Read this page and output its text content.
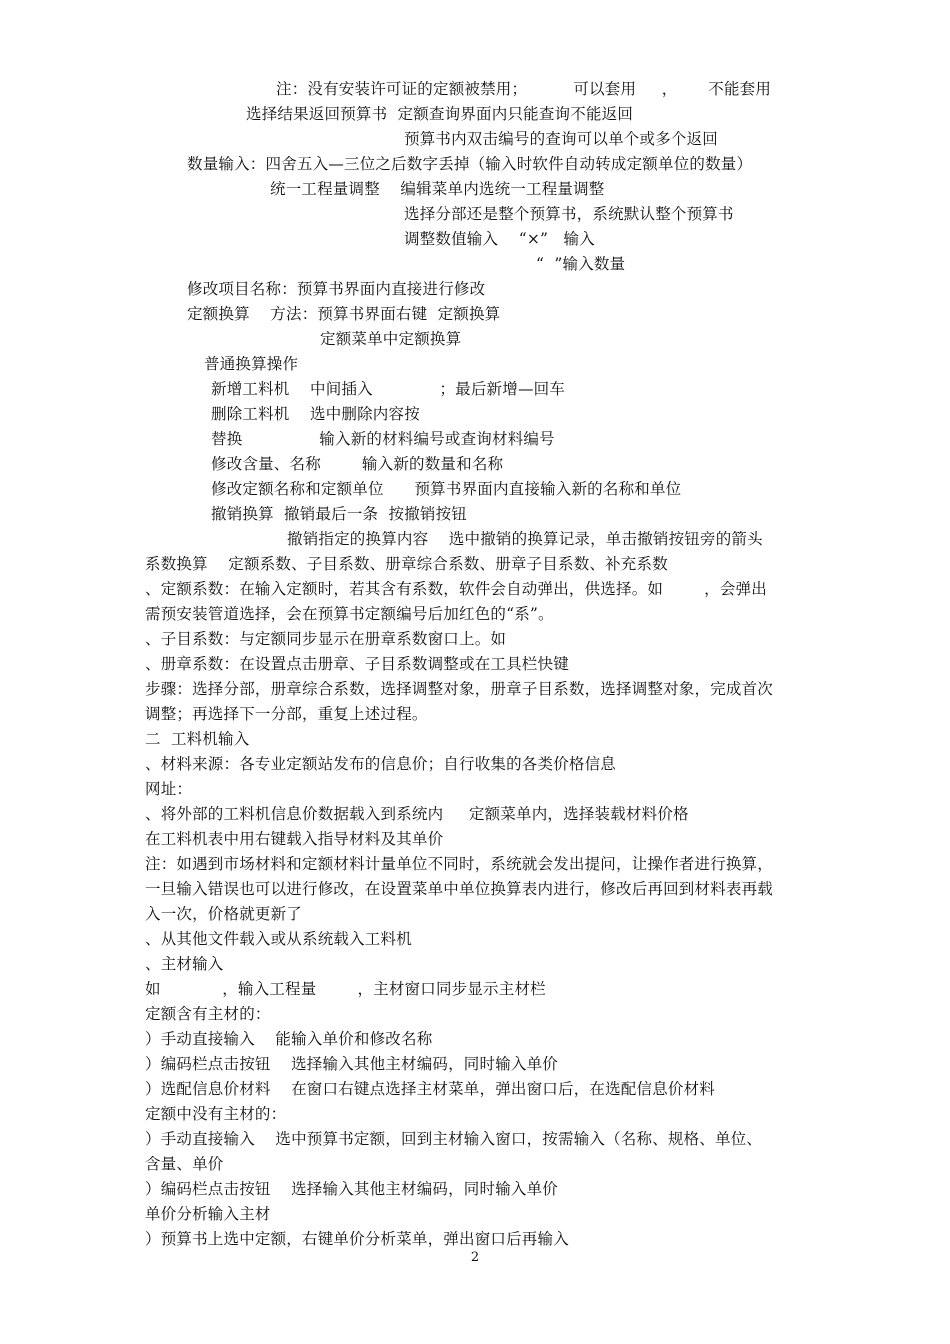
注：没有安装许可证的定额被禁用；         可以套用     ，      不能套用
选择结果返回预算书  定额查询界面内只能查询不能返回
预算书内双击编号的查询可以单个或多个返回
数量输入：四舍五入—三位之后数字丢掉（输入时软件自动转成定额单位的数量）
统一工程量调整    编辑菜单内选统一工程量调整
选择分部还是整个预算书，系统默认整个预算书
调整数值输入    “×”   输入
“  ”输入数量
修改项目名称：预算书界面内直接进行修改
定额换算    方法：预算书界面右键  定额换算
定额菜单中定额换算
普通换算操作
新增工料机    中间插入             ；最后新增—回车
删除工料机    选中删除内容按
替换               输入新的材料编号或查询材料编号
修改含量、名称        输入新的数量和名称
修改定额名称和定额单位      预算书界面内直接输入新的名称和单位
撤销换算  撤销最后一条  按撤销按钮
撤销指定的换算内容    选中撤销的换算记录，单击撤销按钮旁的箭头
系数换算    定额系数、子目系数、册章综合系数、册章子目系数、补充系数
、定额系数：在输入定额时，若其含有系数，软件会自动弹出，供选择。如        ，会弹出
需预安装管道选择，会在预算书定额编号后加红色的“系”。
、子目系数：与定额同步显示在册章系数窗口上。如
、册章系数：在设置点击册章、子目系数调整或在工具栏快键
步骤：选择分部，册章综合系数，选择调整对象，册章子目系数，选择调整对象，完成首次
调整；再选择下一分部，重复上述过程。
二  工料机输入
、材料来源：各专业定额站发布的信息价；自行收集的各类价格信息
网址：
、将外部的工料机信息价数据载入到系统内     定额菜单内，选择装载材料价格
在工料机表中用右键载入指导材料及其单价
注：如遇到市场材料和定额材料计量单位不同时，系统就会发出提问，让操作者进行换算，
一旦输入错误也可以进行修改，在设置菜单中单位换算表内进行，修改后再回到材料表再载
入一次，价格就更新了
、从其他文件载入或从系统载入工料机
、主材输入
如            ，输入工程量        ，主材窗口同步显示主材栏
定额含有主材的：
）手动直接输入    能输入单价和修改名称
）编码栏点击按钮    选择输入其他主材编码，同时输入单价
）选配信息价材料    在窗口右键点选择主材菜单，弹出窗口后，在选配信息价材料
定额中没有主材的：
）手动直接输入    选中预算书定额，回到主材输入窗口，按需输入（名称、规格、单位、
含量、单价
）编码栏点击按钮    选择输入其他主材编码，同时输入单价
单价分析输入主材
）预算书上选中定额，右键单价分析菜单，弹出窗口后再输入
2
